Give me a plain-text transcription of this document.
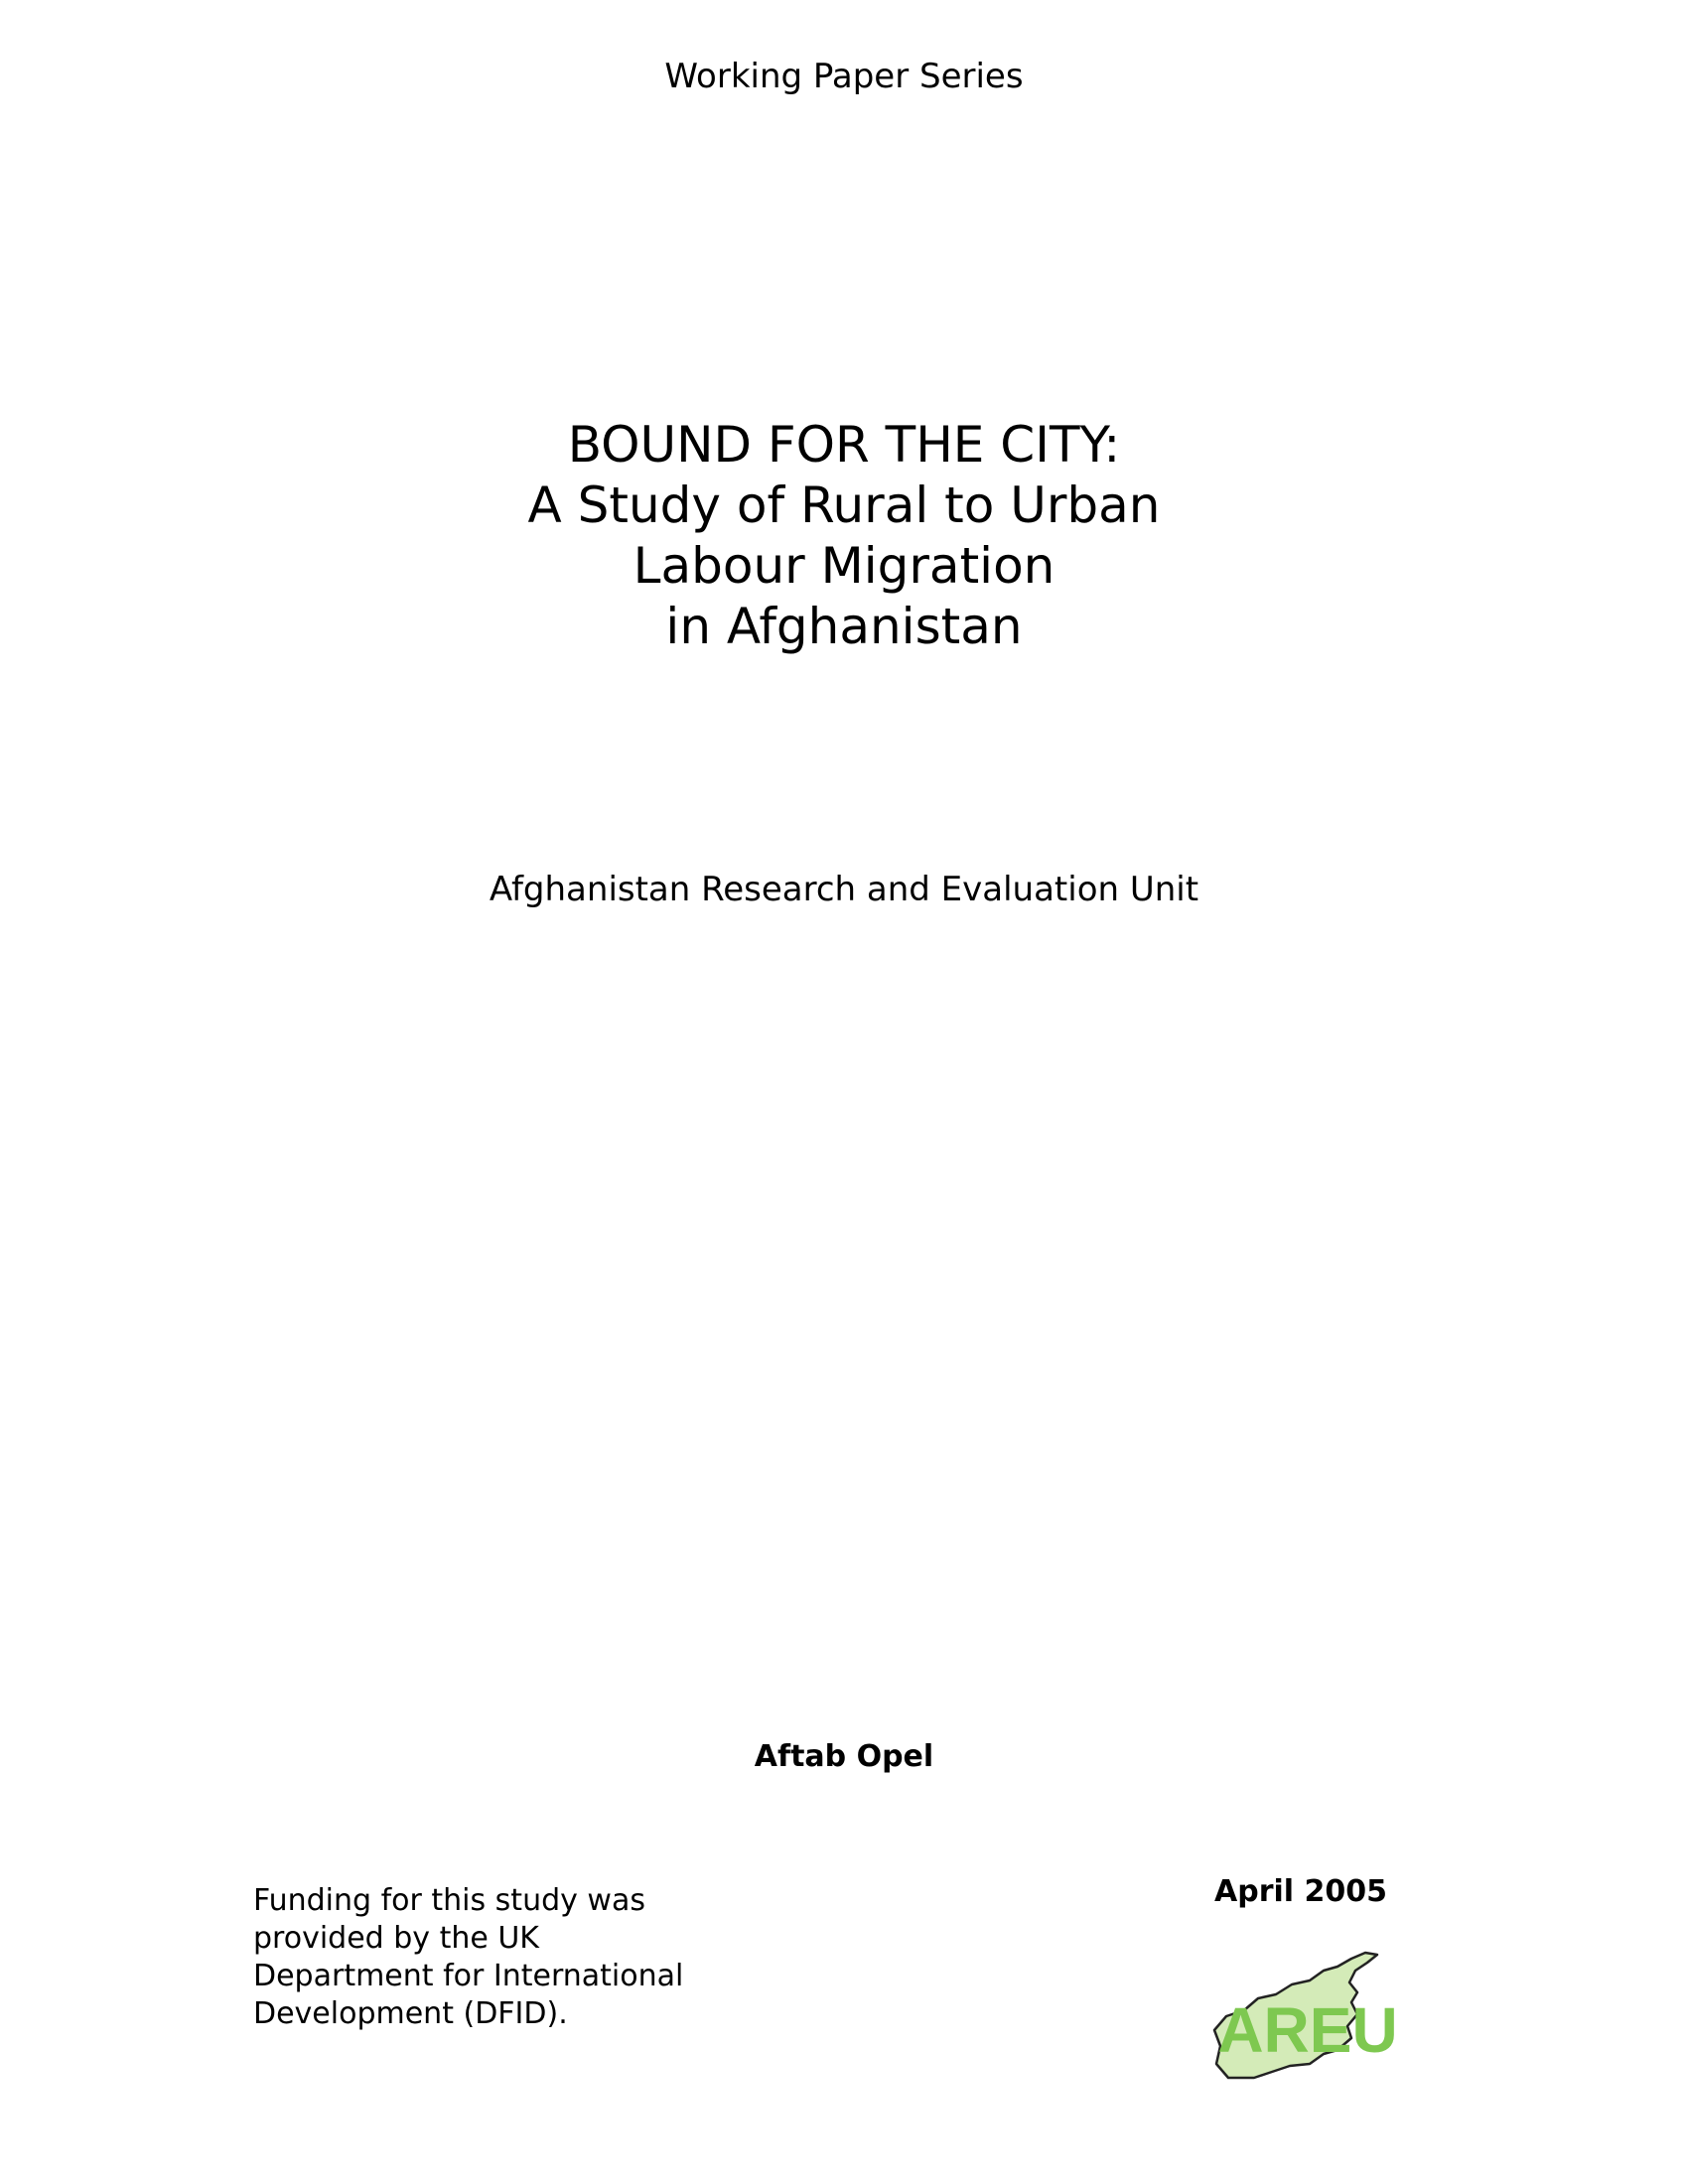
Working Paper Series
BOUND FOR THE CITY:
A Study of Rural to Urban
Labour Migration
in Afghanistan
Afghanistan Research and Evaluation Unit
Aftab Opel
Funding for this study was
provided by the UK
Department for International
Development (DFID).
April 2005
AREU
